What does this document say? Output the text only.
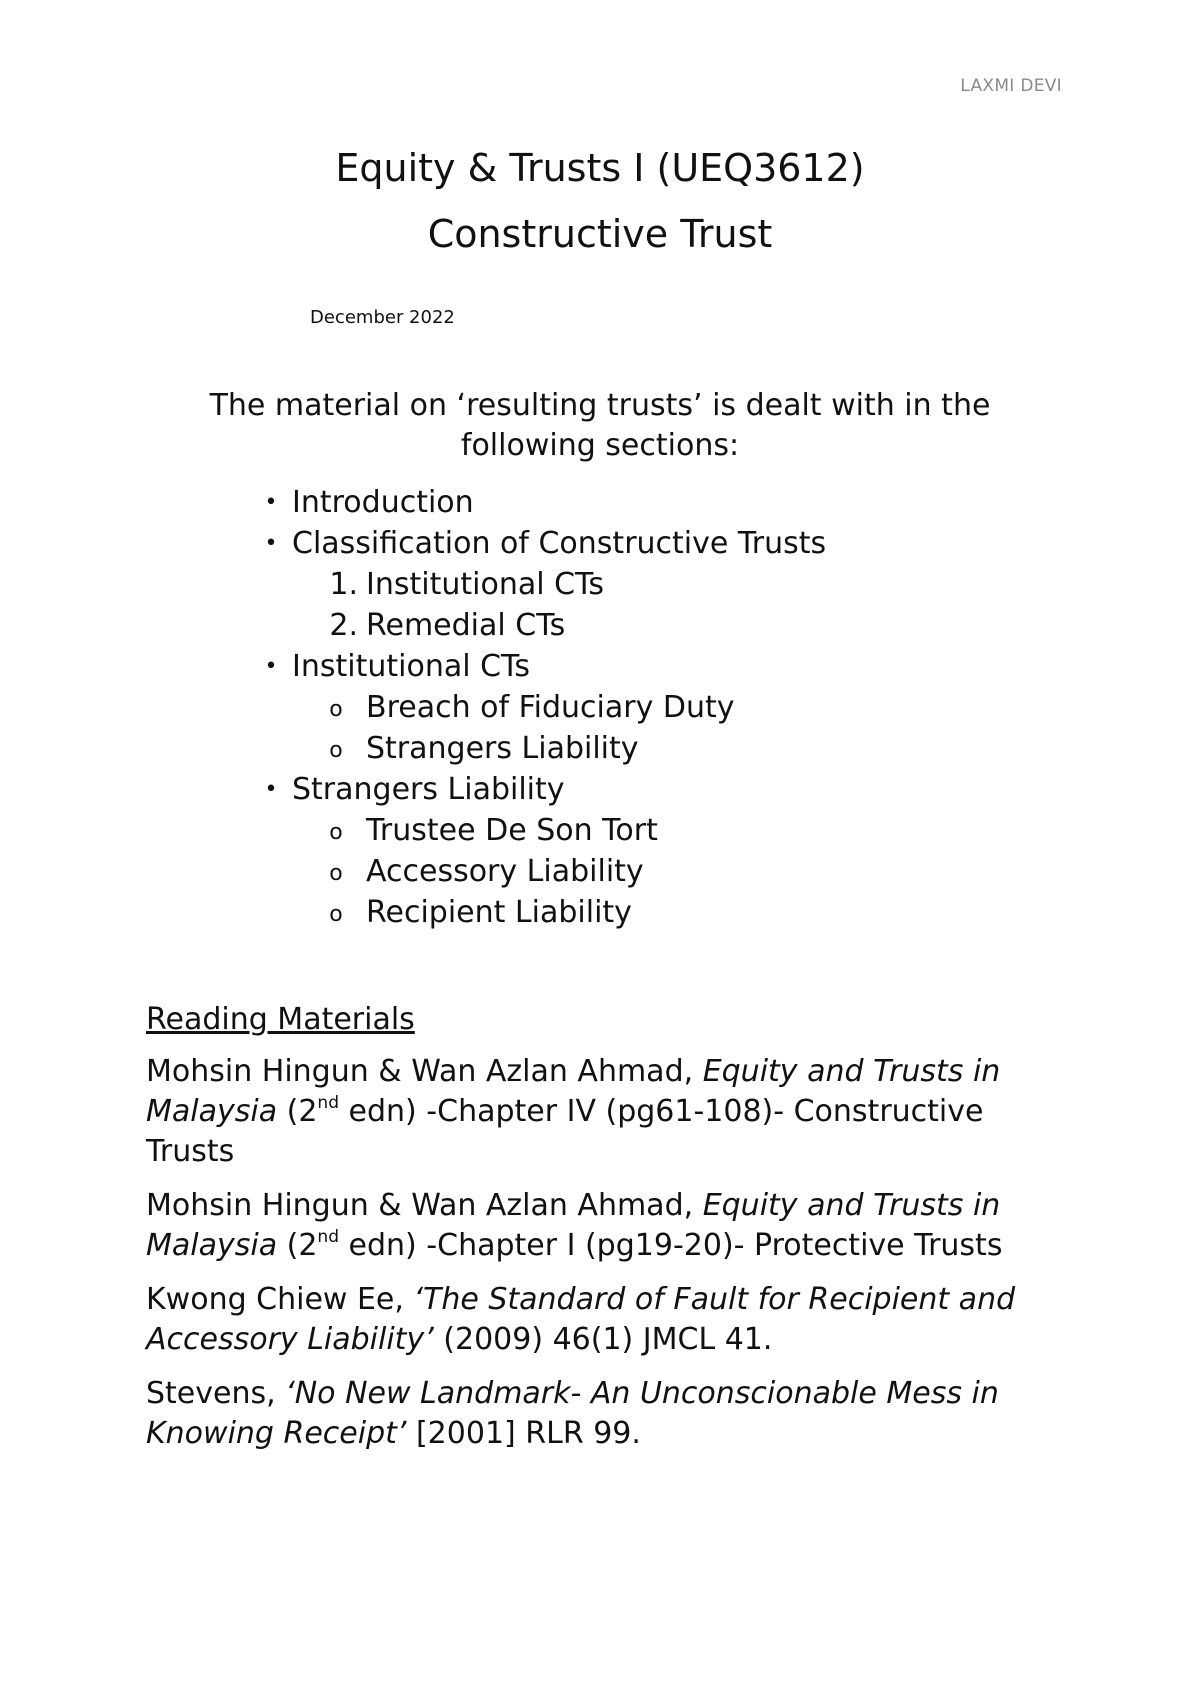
LAXMI DEVI
Equity & Trusts I (UEQ3612)
Constructive Trust
December 2022

The material on ‘resulting trusts’ is dealt with in the following sections:

• Introduction
• Classification of Constructive Trusts
1. Institutional CTs
2. Remedial CTs
• Institutional CTs
o Breach of Fiduciary Duty
o Strangers Liability
• Strangers Liability
o Trustee De Son Tort
o Accessory Liability
o Recipient Liability

Reading Materials

Mohsin Hingun & Wan Azlan Ahmad, Equity and Trusts in Malaysia (2nd edn) -Chapter IV (pg61-108)- Constructive Trusts

Mohsin Hingun & Wan Azlan Ahmad, Equity and Trusts in Malaysia (2nd edn) -Chapter I (pg19-20)- Protective Trusts

Kwong Chiew Ee, ‘The Standard of Fault for Recipient and Accessory Liability’ (2009) 46(1) JMCL 41.

Stevens, ‘No New Landmark- An Unconscionable Mess in Knowing Receipt’ [2001] RLR 99.
